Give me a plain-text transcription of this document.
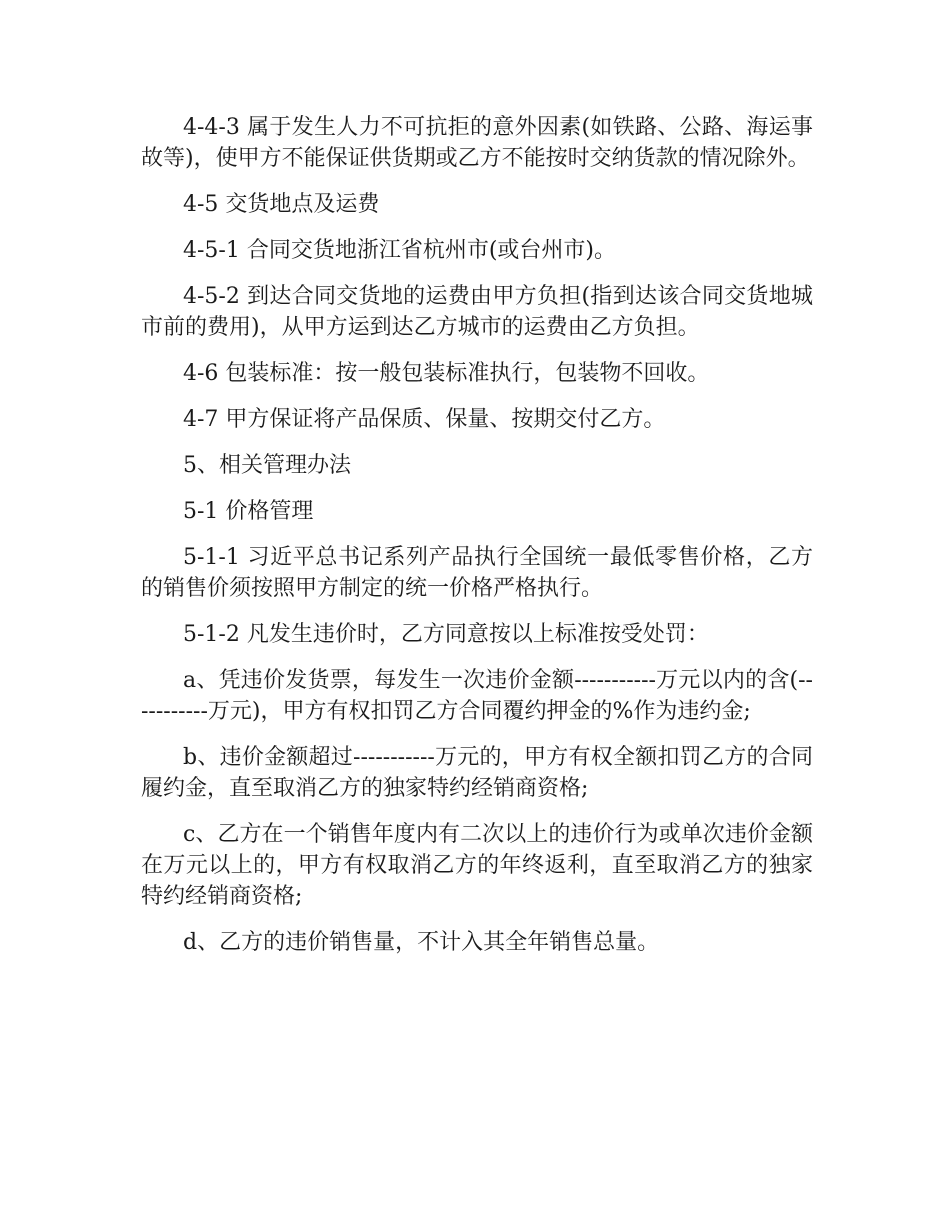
4-4-3 属于发生人力不可抗拒的意外因素(如铁路、公路、海运事故等)，使甲方不能保证供货期或乙方不能按时交纳货款的情况除外。

4-5 交货地点及运费

4-5-1 合同交货地浙江省杭州市(或台州市)。

4-5-2 到达合同交货地的运费由甲方负担(指到达该合同交货地城市前的费用)，从甲方运到达乙方城市的运费由乙方负担。

4-6 包装标准：按一般包装标准执行，包装物不回收。

4-7 甲方保证将产品保质、保量、按期交付乙方。

5、相关管理办法

5-1 价格管理

5-1-1 习近平总书记系列产品执行全国统一最低零售价格，乙方的销售价须按照甲方制定的统一价格严格执行。

5-1-2 凡发生违价时，乙方同意按以上标准按受处罚：

a、凭违价发货票，每发生一次违价金额-----------万元以内的含(-----------万元)，甲方有权扣罚乙方合同覆约押金的%作为违约金;

b、违价金额超过-----------万元的，甲方有权全额扣罚乙方的合同履约金，直至取消乙方的独家特约经销商资格;

c、乙方在一个销售年度内有二次以上的违价行为或单次违价金额在万元以上的，甲方有权取消乙方的年终返利，直至取消乙方的独家特约经销商资格;

d、乙方的违价销售量，不计入其全年销售总量。
